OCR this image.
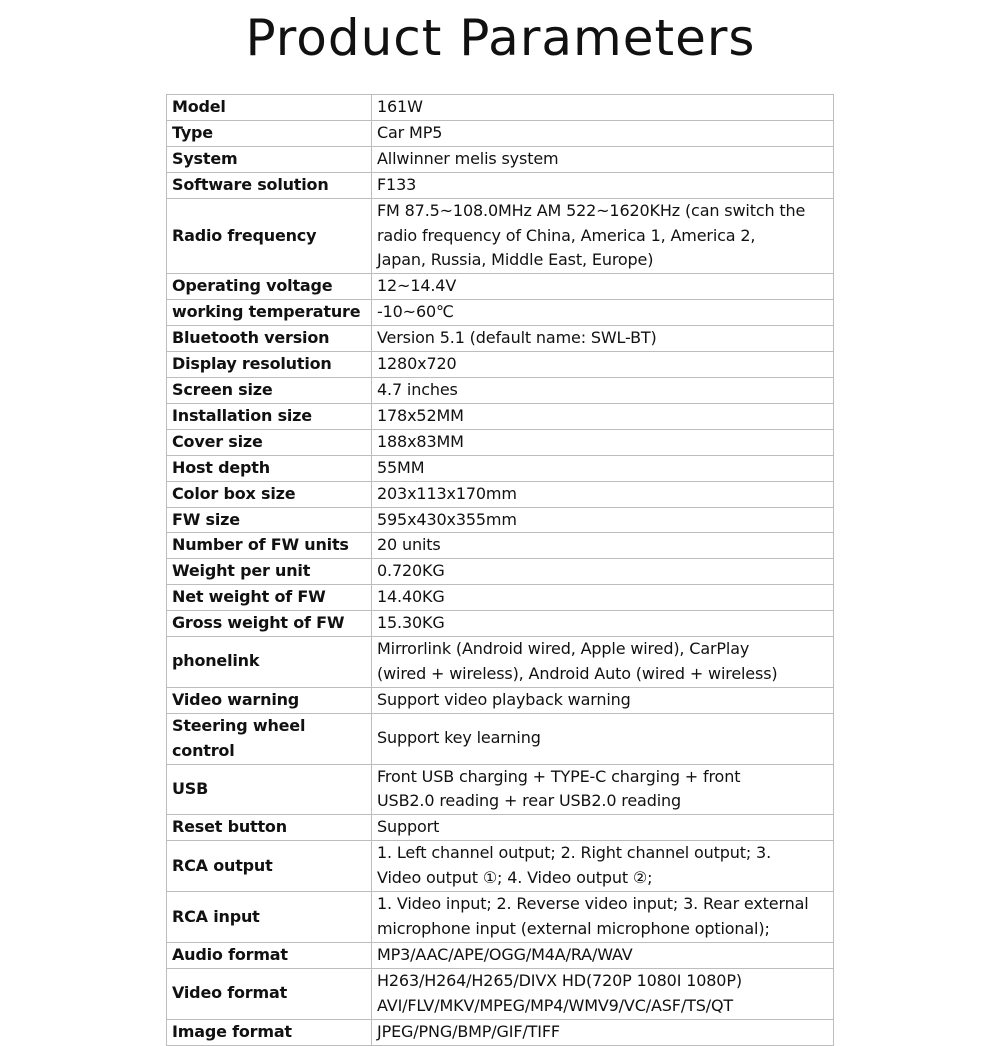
Product Parameters
Model	161W

Type	Car MP5

System	Allwinner melis system

Software solution	F133

Radio frequency	FM 87.5~108.0MHz AM 522~1620KHz (can switch the
radio frequency of China, America 1, America 2,
Japan, Russia, Middle East, Europe)

Operating voltage	12~14.4V

working temperature	-10~60℃

Bluetooth version	Version 5.1 (default name: SWL-BT)

Display resolution	1280x720

Screen size	4.7 inches

Installation size	178x52MM

Cover size	188x83MM

Host depth	55MM

Color box size	203x113x170mm

FW size	595x430x355mm

Number of FW units	20 units

Weight per unit	0.720KG

Net weight of FW	14.40KG

Gross weight of FW	15.30KG

phonelink	Mirrorlink (Android wired, Apple wired), CarPlay
(wired + wireless), Android Auto (wired + wireless)

Video warning	Support video playback warning

Steering wheel control	Support key learning

USB	Front USB charging + TYPE-C charging + front
USB2.0 reading + rear USB2.0 reading

Reset button	Support

RCA output	1. Left channel output; 2. Right channel output; 3.
Video output ①; 4. Video output ②;

RCA input	1. Video input; 2. Reverse video input; 3. Rear external
microphone input (external microphone optional);

Audio format	MP3/AAC/APE/OGG/M4A/RA/WAV

Video format	H263/H264/H265/DIVX HD(720P 1080I 1080P)
AVI/FLV/MKV/MPEG/MP4/WMV9/VC/ASF/TS/QT

Image format	JPEG/PNG/BMP/GIF/TIFF
